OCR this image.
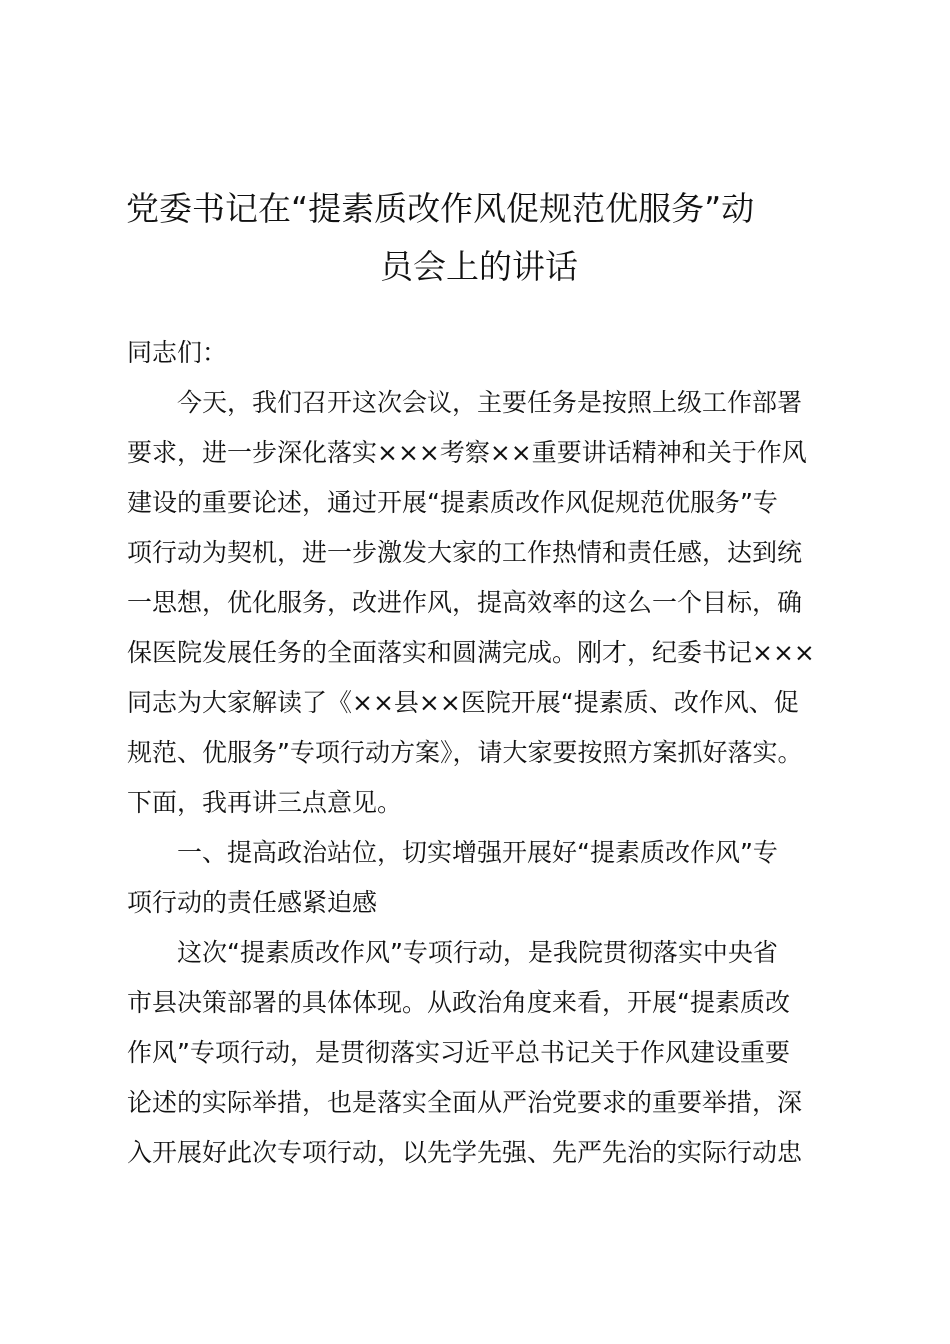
党委书记在“提素质改作风促规范优服务”动
员会上的讲话
同志们：
今天，我们召开这次会议，主要任务是按照上级工作部署
要求，进一步深化落实×××考察××重要讲话精神和关于作风
建设的重要论述，通过开展“提素质改作风促规范优服务”专
项行动为契机，进一步激发大家的工作热情和责任感，达到统
一思想，优化服务，改进作风，提高效率的这么一个目标，确
保医院发展任务的全面落实和圆满完成。刚才，纪委书记×××
同志为大家解读了《××县××医院开展“提素质、改作风、促
规范、优服务”专项行动方案》，请大家要按照方案抓好落实。
下面，我再讲三点意见。
一、提高政治站位，切实增强开展好“提素质改作风”专
项行动的责任感紧迫感
这次“提素质改作风”专项行动，是我院贯彻落实中央省
市县决策部署的具体体现。从政治角度来看，开展“提素质改
作风”专项行动，是贯彻落实习近平总书记关于作风建设重要
论述的实际举措，也是落实全面从严治党要求的重要举措，深
入开展好此次专项行动，以先学先强、先严先治的实际行动忠
